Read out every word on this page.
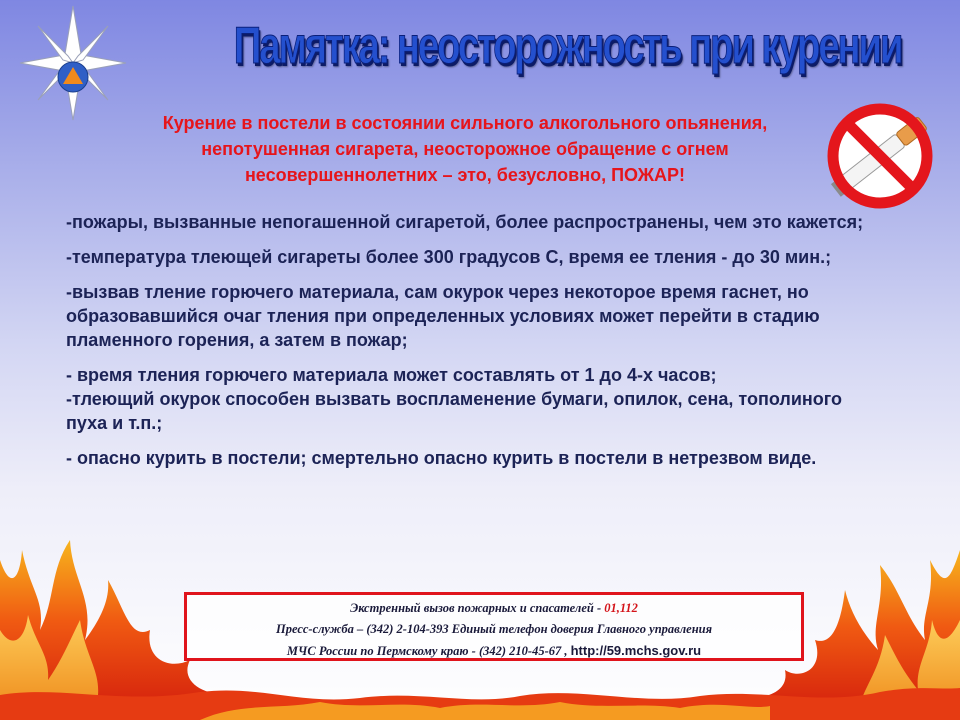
Памятка: неосторожность при курении
Курение в постели в состоянии сильного алкогольного опьянения,
непотушенная сигарета, неосторожное обращение с огнем
несовершеннолетних – это, безусловно, ПОЖАР!

-пожары, вызванные непогашенной сигаретой, более распространены, чем это кажется;

-температура тлеющей сигареты более 300 градусов С, время ее тления - до 30 мин.;

-вызвав тление горючего материала, сам окурок через некоторое время гаснет, но образовавшийся очаг тления при определенных условиях может перейти в стадию пламенного горения, а затем в пожар;

- время тления горючего материала может составлять от 1 до 4-х часов;

-тлеющий окурок способен вызвать воспламенение бумаги, опилок, сена, тополиного пуха и т.п.;

- опасно курить в постели; смертельно опасно курить в постели в нетрезвом виде.

Экстренный вызов пожарных и спасателей - 01,112
Пресс-служба – (342) 2-104-393 Единый телефон доверия Главного управления
МЧС России по Пермскому краю - (342) 210-45-67 , http://59.mchs.gov.ru
